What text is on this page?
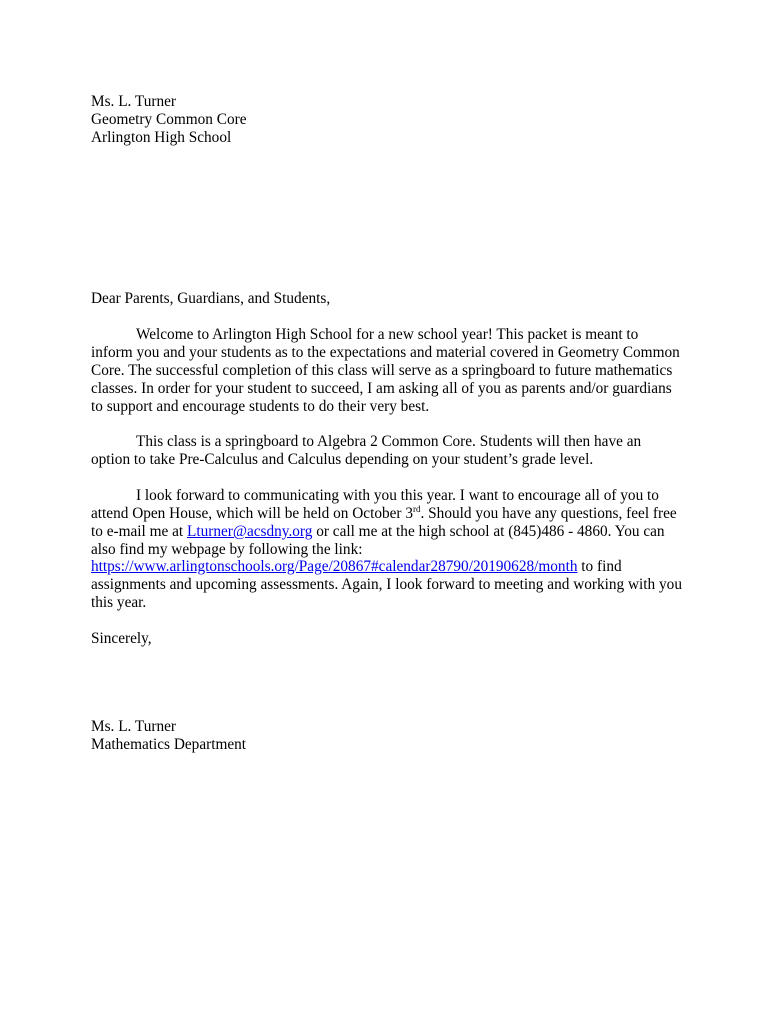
Ms. L. Turner
Geometry Common Core
Arlington High School
Dear Parents, Guardians, and Students,
Welcome to Arlington High School for a new school year! This packet is meant to
inform you and your students as to the expectations and material covered in Geometry Common
Core. The successful completion of this class will serve as a springboard to future mathematics
classes. In order for your student to succeed, I am asking all of you as parents and/or guardians
to support and encourage students to do their very best.
This class is a springboard to Algebra 2 Common Core. Students will then have an
option to take Pre-Calculus and Calculus depending on your student’s grade level.
I look forward to communicating with you this year. I want to encourage all of you to
attend Open House, which will be held on October 3rd. Should you have any questions, feel free
to e-mail me at Lturner@acsdny.org or call me at the high school at (845)486 - 4860. You can
also find my webpage by following the link:
https://www.arlingtonschools.org/Page/20867#calendar28790/20190628/month to find
assignments and upcoming assessments. Again, I look forward to meeting and working with you
this year.
Sincerely,
Ms. L. Turner
Mathematics Department
